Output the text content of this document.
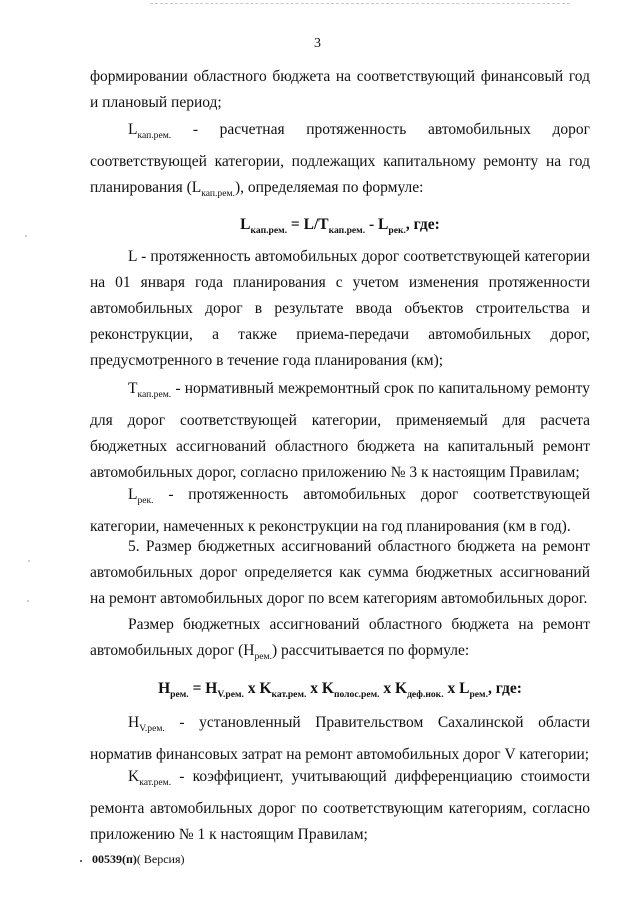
3

формировании областного бюджета на соответствующий финансовый год и плановый период;

$L_{кап.рем.}$ - расчетная протяженность автомобильных дорог соответствующей категории, подлежащих капитальному ремонту на год планирования $(L_{кап.рем.})$, определяемая по формуле:

$L_{кап.рем.} = L/T_{кап.рем.} - L_{рек.}$, где:

L - протяженность автомобильных дорог соответствующей категории на 01 января года планирования с учетом изменения протяженности автомобильных дорог в результате ввода объектов строительства и реконструкции, а также приема-передачи автомобильных дорог, предусмотренного в течение года планирования (км);

$T_{кап.рем.}$ - нормативный межремонтный срок по капитальному ремонту для дорог соответствующей категории, применяемый для расчета бюджетных ассигнований областного бюджета на капитальный ремонт автомобильных дорог, согласно приложению № 3 к настоящим Правилам;

$L_{рек.}$ - протяженность автомобильных дорог соответствующей категории, намеченных к реконструкции на год планирования (км в год).

5. Размер бюджетных ассигнований областного бюджета на ремонт автомобильных дорог определяется как сумма бюджетных ассигнований на ремонт автомобильных дорог по всем категориям автомобильных дорог.

Размер бюджетных ассигнований областного бюджета на ремонт автомобильных дорог $(H_{рем.})$ рассчитывается по формуле:

$H_{рем.} = H_{V.рем.}$ x $K_{кат.рем.}$ x $K_{полос.рем.}$ x $K_{деф.нок.}$ x $L_{рем.}$, где:

$H_{V.рем.}$ - установленный Правительством Сахалинской области норматив финансовых затрат на ремонт автомобильных дорог V категории;

$K_{кат.рем.}$ - коэффициент, учитывающий дифференциацию стоимости ремонта автомобильных дорог по соответствующим категориям, согласно приложению № 1 к настоящим Правилам;

00539(п)( Версия)
